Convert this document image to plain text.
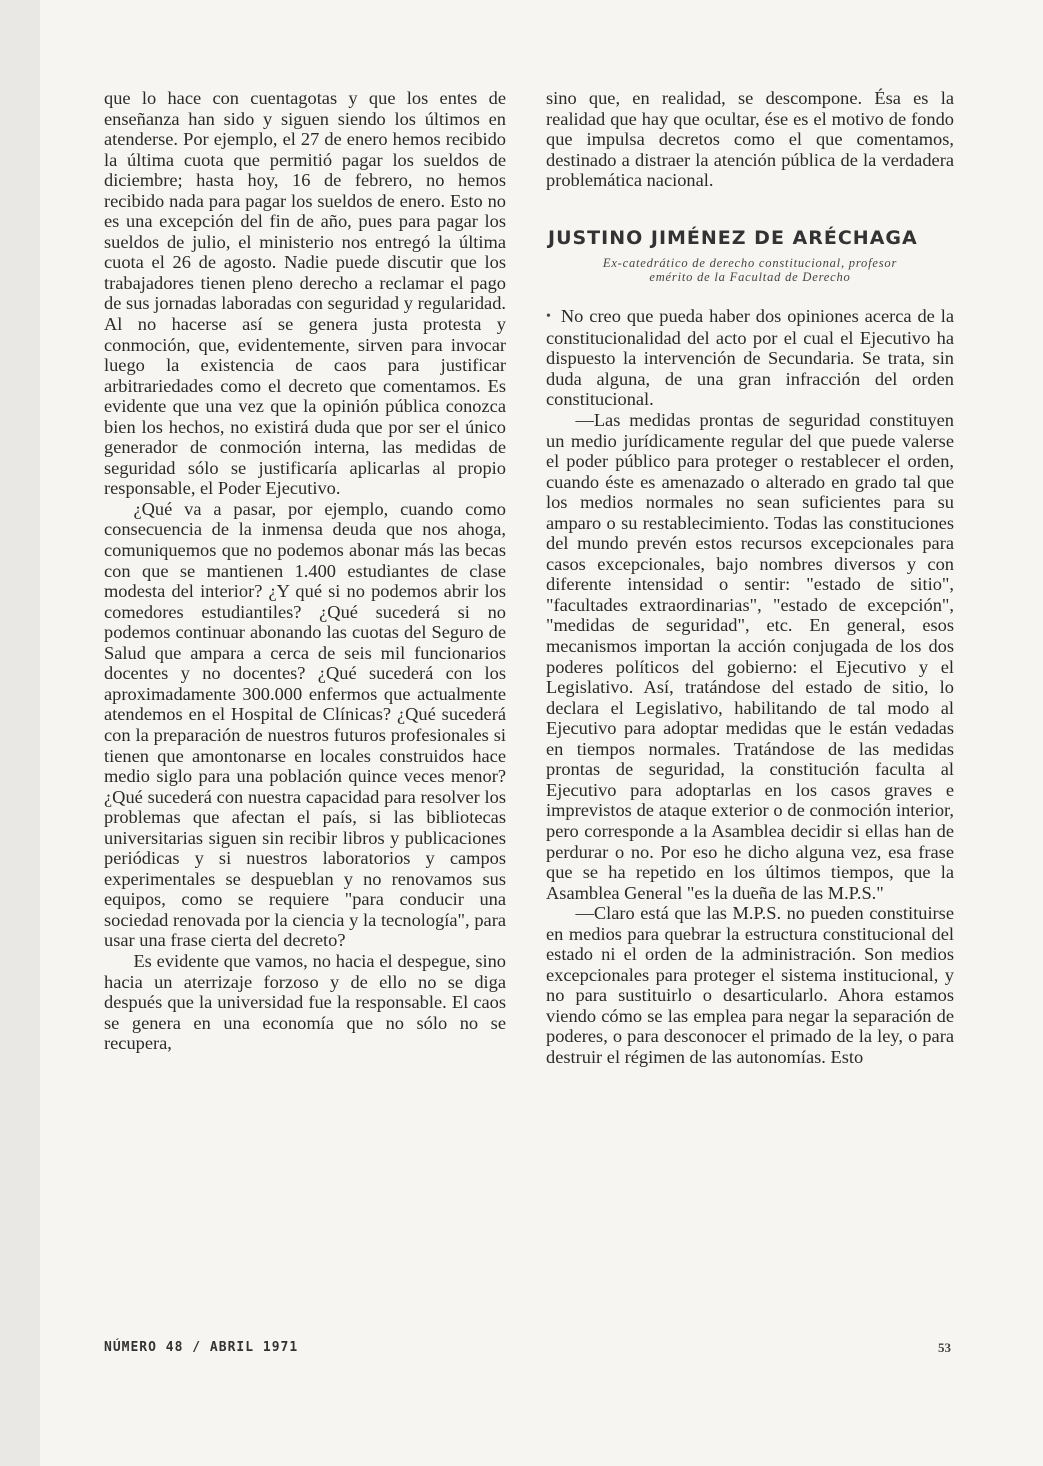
que lo hace con cuentagotas y que los entes de enseñanza han sido y siguen siendo los últimos en atenderse. Por ejemplo, el 27 de enero hemos recibido la última cuota que permitió pagar los sueldos de diciembre; hasta hoy, 16 de febrero, no hemos recibido nada para pagar los sueldos de enero. Esto no es una excepción del fin de año, pues para pagar los sueldos de julio, el ministerio nos entregó la última cuota el 26 de agosto. Nadie puede discutir que los trabajadores tienen pleno derecho a reclamar el pago de sus jornadas laboradas con seguridad y regularidad. Al no hacerse así se genera justa protesta y conmoción, que, evidentemente, sirven para invocar luego la existencia de caos para justificar arbitrariedades como el decreto que comentamos. Es evidente que una vez que la opinión pública conozca bien los hechos, no existirá duda que por ser el único generador de conmoción interna, las medidas de seguridad sólo se justificaría aplicarlas al propio responsable, el Poder Ejecutivo.

¿Qué va a pasar, por ejemplo, cuando como consecuencia de la inmensa deuda que nos ahoga, comuniquemos que no podemos abonar más las becas con que se mantienen 1.400 estudiantes de clase modesta del interior? ¿Y qué si no podemos abrir los comedores estudiantiles? ¿Qué sucederá si no podemos continuar abonando las cuotas del Seguro de Salud que ampara a cerca de seis mil funcionarios docentes y no docentes? ¿Qué sucederá con los aproximadamente 300.000 enfermos que actualmente atendemos en el Hospital de Clínicas? ¿Qué sucederá con la preparación de nuestros futuros profesionales si tienen que amontonarse en locales construidos hace medio siglo para una población quince veces menor? ¿Qué sucederá con nuestra capacidad para resolver los problemas que afectan el país, si las bibliotecas universitarias siguen sin recibir libros y publicaciones periódicas y si nuestros laboratorios y campos experimentales se despueblan y no renovamos sus equipos, como se requiere "para conducir una sociedad renovada por la ciencia y la tecnología", para usar una frase cierta del decreto?

Es evidente que vamos, no hacia el despegue, sino hacia un aterrizaje forzoso y de ello no se diga después que la universidad fue la responsable. El caos se genera en una economía que no sólo no se recupera,

sino que, en realidad, se descompone. Ésa es la realidad que hay que ocultar, ése es el motivo de fondo que impulsa decretos como el que comentamos, destinado a distraer la atención pública de la verdadera problemática nacional.

JUSTINO JIMÉNEZ DE ARÉCHAGA
Ex-catedrático de derecho constitucional, profesor
emérito de la Facultad de Derecho

• No creo que pueda haber dos opiniones acerca de la constitucionalidad del acto por el cual el Ejecutivo ha dispuesto la intervención de Secundaria. Se trata, sin duda alguna, de una gran infracción del orden constitucional.

—Las medidas prontas de seguridad constituyen un medio jurídicamente regular del que puede valerse el poder público para proteger o restablecer el orden, cuando éste es amenazado o alterado en grado tal que los medios normales no sean suficientes para su amparo o su restablecimiento. Todas las constituciones del mundo prevén estos recursos excepcionales para casos excepcionales, bajo nombres diversos y con diferente intensidad o sentir: "estado de sitio", "facultades extraordinarias", "estado de excepción", "medidas de seguridad", etc. En general, esos mecanismos importan la acción conjugada de los dos poderes políticos del gobierno: el Ejecutivo y el Legislativo. Así, tratándose del estado de sitio, lo declara el Legislativo, habilitando de tal modo al Ejecutivo para adoptar medidas que le están vedadas en tiempos normales. Tratándose de las medidas prontas de seguridad, la constitución faculta al Ejecutivo para adoptarlas en los casos graves e imprevistos de ataque exterior o de conmoción interior, pero corresponde a la Asamblea decidir si ellas han de perdurar o no. Por eso he dicho alguna vez, esa frase que se ha repetido en los últimos tiempos, que la Asamblea General "es la dueña de las M.P.S."

—Claro está que las M.P.S. no pueden constituirse en medios para quebrar la estructura constitucional del estado ni el orden de la administración. Son medios excepcionales para proteger el sistema institucional, y no para sustituirlo o desarticularlo. Ahora estamos viendo cómo se las emplea para negar la separación de poderes, o para desconocer el primado de la ley, o para destruir el régimen de las autonomías. Esto

NÚMERO 48 / ABRIL 1971	53
